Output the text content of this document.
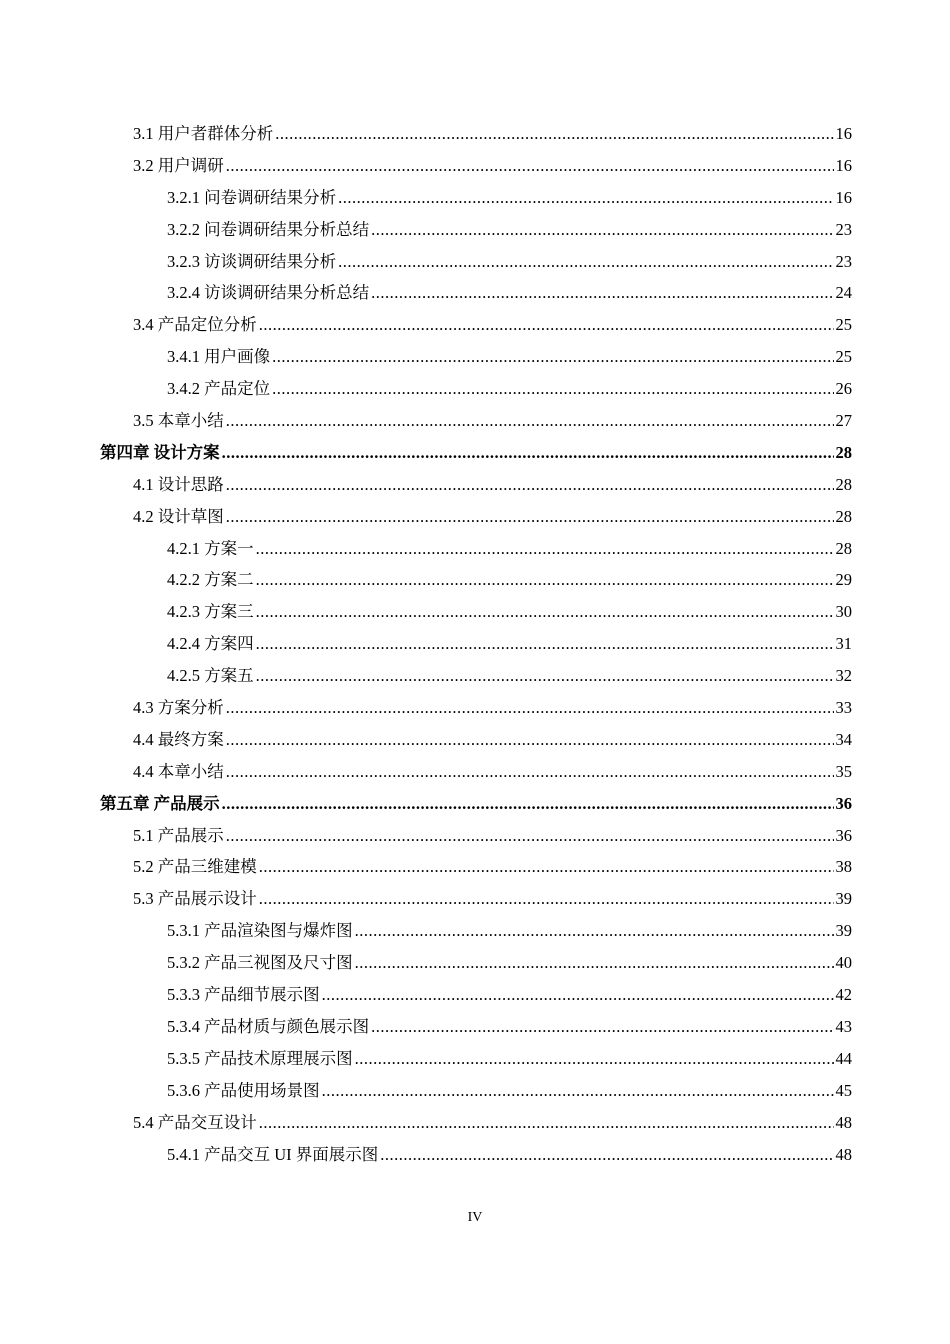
3.1 用户者群体分析 .....	16
3.2 用户调研 .....	16
3.2.1 问卷调研结果分析 .....	16
3.2.2 问卷调研结果分析总结 .....	23
3.2.3 访谈调研结果分析 .....	23
3.2.4 访谈调研结果分析总结 .....	24
3.4 产品定位分析 .....	25
3.4.1 用户画像 .....	25
3.4.2 产品定位 .....	26
3.5 本章小结 .....	27
第四章 设计方案 .....	28
4.1 设计思路 .....	28
4.2 设计草图 .....	28
4.2.1 方案一 .....	28
4.2.2 方案二 .....	29
4.2.3 方案三 .....	30
4.2.4 方案四 .....	31
4.2.5 方案五 .....	32
4.3 方案分析 .....	33
4.4 最终方案 .....	34
4.4 本章小结 .....	35
第五章 产品展示 .....	36
5.1 产品展示 .....	36
5.2 产品三维建模 .....	38
5.3 产品展示设计 .....	39
5.3.1 产品渲染图与爆炸图 .....	39
5.3.2 产品三视图及尺寸图 .....	40
5.3.3 产品细节展示图 .....	42
5.3.4 产品材质与颜色展示图 .....	43
5.3.5 产品技术原理展示图 .....	44
5.3.6 产品使用场景图 .....	45
5.4 产品交互设计 .....	48
5.4.1 产品交互 UI 界面展示图 .....	48
IV
